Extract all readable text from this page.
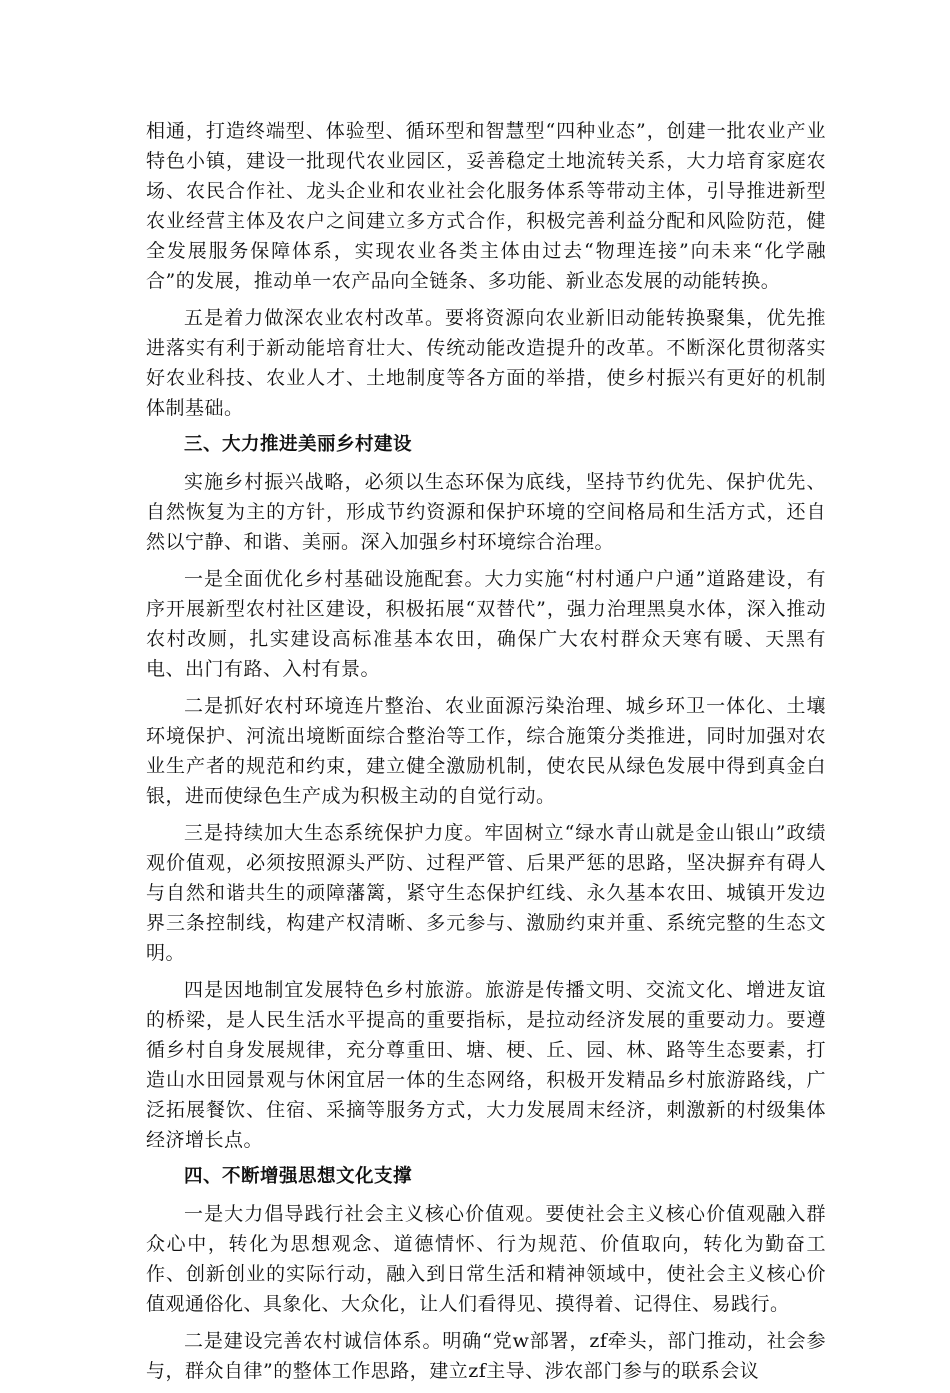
相通，打造终端型、体验型、循环型和智慧型“四种业态”，创建一批农业产业特色小镇，建设一批现代农业园区，妥善稳定土地流转关系，大力培育家庭农场、农民合作社、龙头企业和农业社会化服务体系等带动主体，引导推进新型农业经营主体及农户之间建立多方式合作，积极完善利益分配和风险防范，健全发展服务保障体系，实现农业各类主体由过去“物理连接”向未来“化学融合”的发展，推动单一农产品向全链条、多功能、新业态发展的动能转换。

五是着力做深农业农村改革。要将资源向农业新旧动能转换聚集，优先推进落实有利于新动能培育壮大、传统动能改造提升的改革。不断深化贯彻落实好农业科技、农业人才、土地制度等各方面的举措，使乡村振兴有更好的机制体制基础。

三、大力推进美丽乡村建设

实施乡村振兴战略，必须以生态环保为底线，坚持节约优先、保护优先、自然恢复为主的方针，形成节约资源和保护环境的空间格局和生活方式，还自然以宁静、和谐、美丽。深入加强乡村环境综合治理。

一是全面优化乡村基础设施配套。大力实施“村村通户户通”道路建设，有序开展新型农村社区建设，积极拓展“双替代”，强力治理黑臭水体，深入推动农村改厕，扎实建设高标准基本农田，确保广大农村群众天寒有暖、天黑有电、出门有路、入村有景。

二是抓好农村环境连片整治、农业面源污染治理、城乡环卫一体化、土壤环境保护、河流出境断面综合整治等工作，综合施策分类推进，同时加强对农业生产者的规范和约束，建立健全激励机制，使农民从绿色发展中得到真金白银，进而使绿色生产成为积极主动的自觉行动。

三是持续加大生态系统保护力度。牢固树立“绿水青山就是金山银山”政绩观价值观，必须按照源头严防、过程严管、后果严惩的思路，坚决摒弃有碍人与自然和谐共生的顽障藩篱，紧守生态保护红线、永久基本农田、城镇开发边界三条控制线，构建产权清晰、多元参与、激励约束并重、系统完整的生态文明。

四是因地制宜发展特色乡村旅游。旅游是传播文明、交流文化、增进友谊的桥梁，是人民生活水平提高的重要指标，是拉动经济发展的重要动力。要遵循乡村自身发展规律，充分尊重田、塘、梗、丘、园、林、路等生态要素，打造山水田园景观与休闲宜居一体的生态网络，积极开发精品乡村旅游路线，广泛拓展餐饮、住宿、采摘等服务方式，大力发展周末经济，刺激新的村级集体经济增长点。

四、不断增强思想文化支撑

一是大力倡导践行社会主义核心价值观。要使社会主义核心价值观融入群众心中，转化为思想观念、道德情怀、行为规范、价值取向，转化为勤奋工作、创新创业的实际行动，融入到日常生活和精神领域中，使社会主义核心价值观通俗化、具象化、大众化，让人们看得见、摸得着、记得住、易践行。

二是建设完善农村诚信体系。明确“党w部署，zf牵头，部门推动，社会参与，群众自律”的整体工作思路，建立zf主导、涉农部门参与的联系会议
